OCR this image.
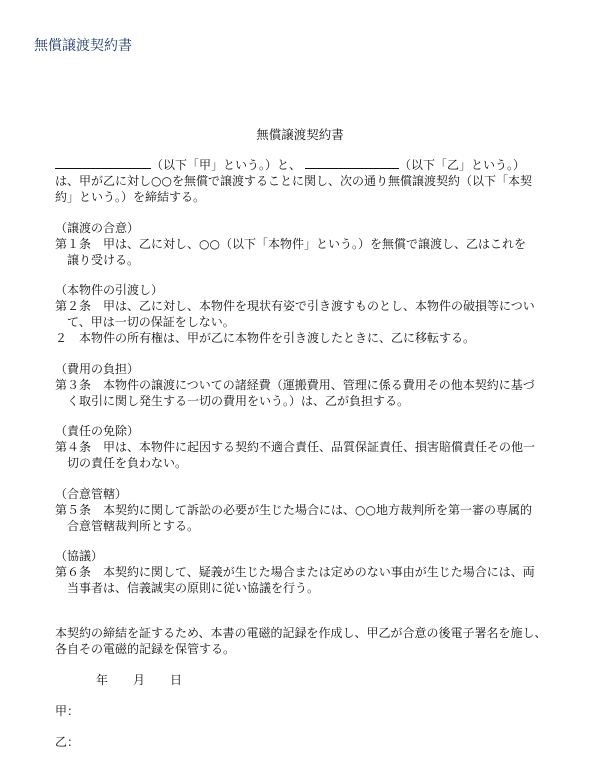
無償譲渡契約書
無償譲渡契約書
（以下「甲」という。）と、	（以下「乙」という。）
は、甲が乙に対し○○を無償で譲渡することに関し、次の通り無償譲渡契約（以下「本契
約」という。）を締結する。
（譲渡の合意）
第１条　甲は、乙に対し、○○（以下「本物件」という。）を無償で譲渡し、乙はこれを
譲り受ける。
（本物件の引渡し）
第２条　甲は、乙に対し、本物件を現状有姿で引き渡すものとし、本物件の破損等につい
て、甲は一切の保証をしない。
２　本物件の所有権は、甲が乙に本物件を引き渡したときに、乙に移転する。
（費用の負担）
第３条　本物件の譲渡についての諸経費（運搬費用、管理に係る費用その他本契約に基づ
く取引に関し発生する一切の費用をいう。）は、乙が負担する。
（責任の免除）
第４条　甲は、本物件に起因する契約不適合責任、品質保証責任、損害賠償責任その他一
切の責任を負わない。
（合意管轄）
第５条　本契約に関して訴訟の必要が生じた場合には、○○地方裁判所を第一審の専属的
合意管轄裁判所とする。
（協議）
第６条　本契約に関して、疑義が生じた場合または定めのない事由が生じた場合には、両
当事者は、信義誠実の原則に従い協議を行う。
本契約の締結を証するため、本書の電磁的記録を作成し、甲乙が合意の後電子署名を施し、
各自その電磁的記録を保管する。
年 月 日
甲：
乙：
